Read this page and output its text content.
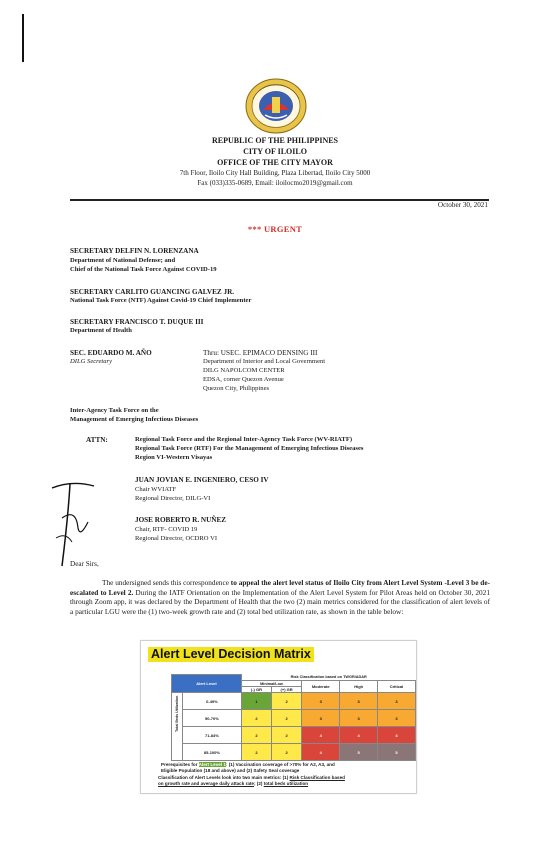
REPUBLIC OF THE PHILIPPINES
CITY OF ILOILO
OFFICE OF THE CITY MAYOR
7th Floor, Iloilo City Hall Building, Plaza Libertad, Iloilo City 5000
Fax (033)335-0689, Email: iloilocmo2019@gmail.com
October 30, 2021
*** URGENT
SECRETARY DELFIN N. LORENZANA
Department of National Defense; and
Chief of the National Task Force Against COVID-19
SECRETARY CARLITO GUANCING GALVEZ JR.
National Task Force (NTF) Against Covid-19 Chief Implementer
SECRETARY FRANCISCO T. DUQUE III
Department of Health
SEC. EDUARDO M. AÑO
DILG Secretary
Thru: USEC. EPIMACO DENSING III
Department of Interior and Local Government
DILG NAPOLCOM CENTER
EDSA, corner Quezon Avenue
Quezon City, Philippines
Inter-Agency Task Force on the
Management of Emerging Infectious Diseases
ATTN:	Regional Task Force and the Regional Inter-Agency Task Force (WV-RIATF)
Regional Task Force (RTF) For the Management of Emerging Infectious Diseases
Region VI-Western Visayas
JUAN JOVIAN E. INGENIERO, CESO IV
Chair WVIATF
Regional Director, DILG-VI
JOSE ROBERTO R. NUÑEZ
Chair, RTF- COVID 19
Regional Director, OCDRO VI
Dear Sirs,
The undersigned sends this correspondence to appeal the alert level status of Iloilo City from Alert Level System -Level 3 be de-escalated to Level 2. During the IATF Orientation on the Implementation of the Alert Level System for Pilot Areas held on October 30, 2021 through Zoom app, it was declared by the Department of Health that the two (2) main metrics considered for the classification of alert levels of a particular LGU were the (1) two-week growth rate and (2) total bed utilization rate, as shown in the table below:
Alert Level Decision Matrix
Alert Level		Risk Classification based on TWGR/ADAR				
		Minimal/Low		Moderate	High	Critical
		(-) GR	(+) GR			

Total Beds Utilization	0-49%	1	2	3	3	3
	50-70%	2	2	3	3	3
	71-84%	2	2	4	4	4
	85-100%	2	2	4	5	5
Prerequisites for Alert Level 1: (1) Vaccination coverage of >70% for A2, A3, and
Eligible Population (18 and above) and (2) Safety Seal coverage
Classification of Alert Levels look into two main metrics: (1) Risk Classification based
on growth rate and average daily attack rate; (2) total beds utilization
